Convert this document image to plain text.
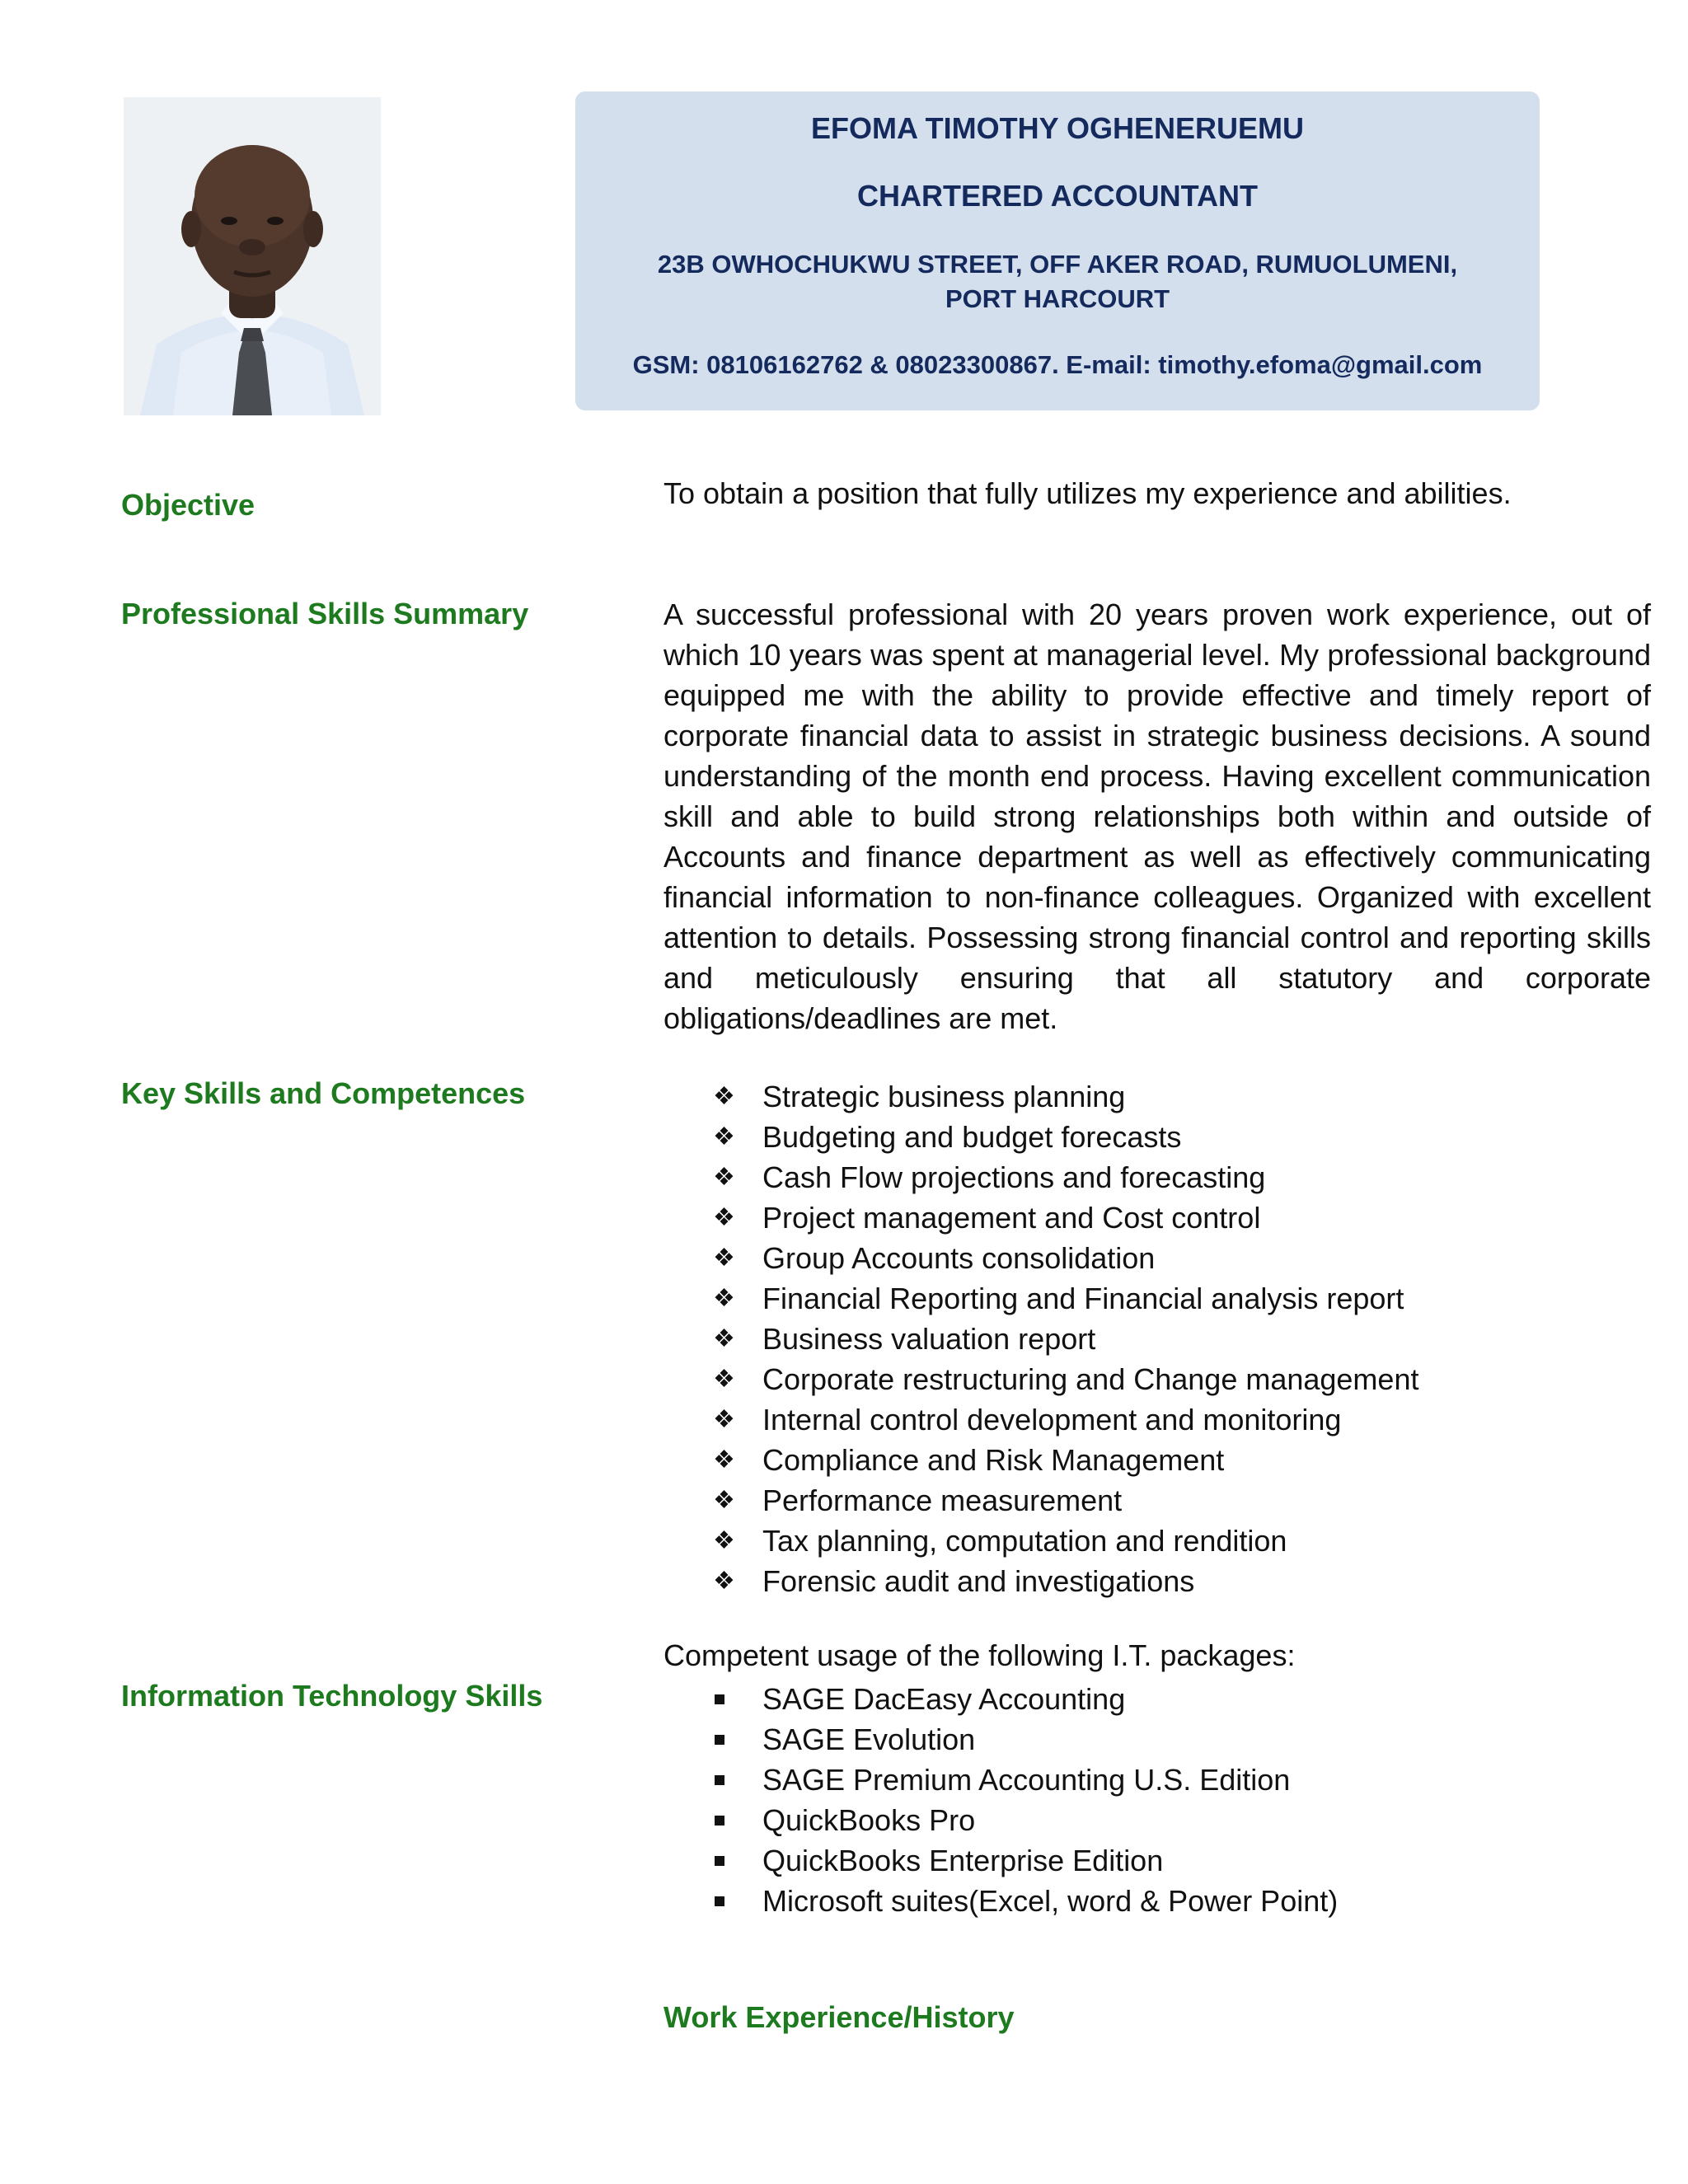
EFOMA TIMOTHY OGHENERUEMU
CHARTERED ACCOUNTANT
23B OWHOCHUKWU STREET, OFF AKER ROAD, RUMUOLUMENI,
PORT HARCOURT
GSM: 08106162762 & 08023300867. E-mail: timothy.efoma@gmail.com
Objective	To obtain a position that fully utilizes my experience and abilities.
Professional Skills Summary	A successful professional with 20 years proven work experience, out of which 10 years was spent at managerial level. My professional background equipped me with the ability to provide effective and timely report of corporate financial data to assist in strategic business decisions. A sound understanding of the month end process. Having excellent communication skill and able to build strong relationships both within and outside of Accounts and finance department as well as effectively communicating financial information to non-finance colleagues. Organized with excellent attention to details. Possessing strong financial control and reporting skills and meticulously ensuring that all statutory and corporate obligations/deadlines are met.
Key Skills and Competences	❖ Strategic business planning
❖ Budgeting and budget forecasts
❖ Cash Flow projections and forecasting
❖ Project management and Cost control
❖ Group Accounts consolidation
❖ Financial Reporting and Financial analysis report
❖ Business valuation report
❖ Corporate restructuring and Change management
❖ Internal control development and monitoring
❖ Compliance and Risk Management
❖ Performance measurement
❖ Tax planning, computation and rendition
❖ Forensic audit and investigations
Information Technology Skills
Competent usage of the following I.T. packages:
SAGE DacEasy Accounting
SAGE Evolution
SAGE Premium Accounting U.S. Edition
QuickBooks Pro
QuickBooks Enterprise Edition
Microsoft suites(Excel, word & Power Point)
Work Experience/History
